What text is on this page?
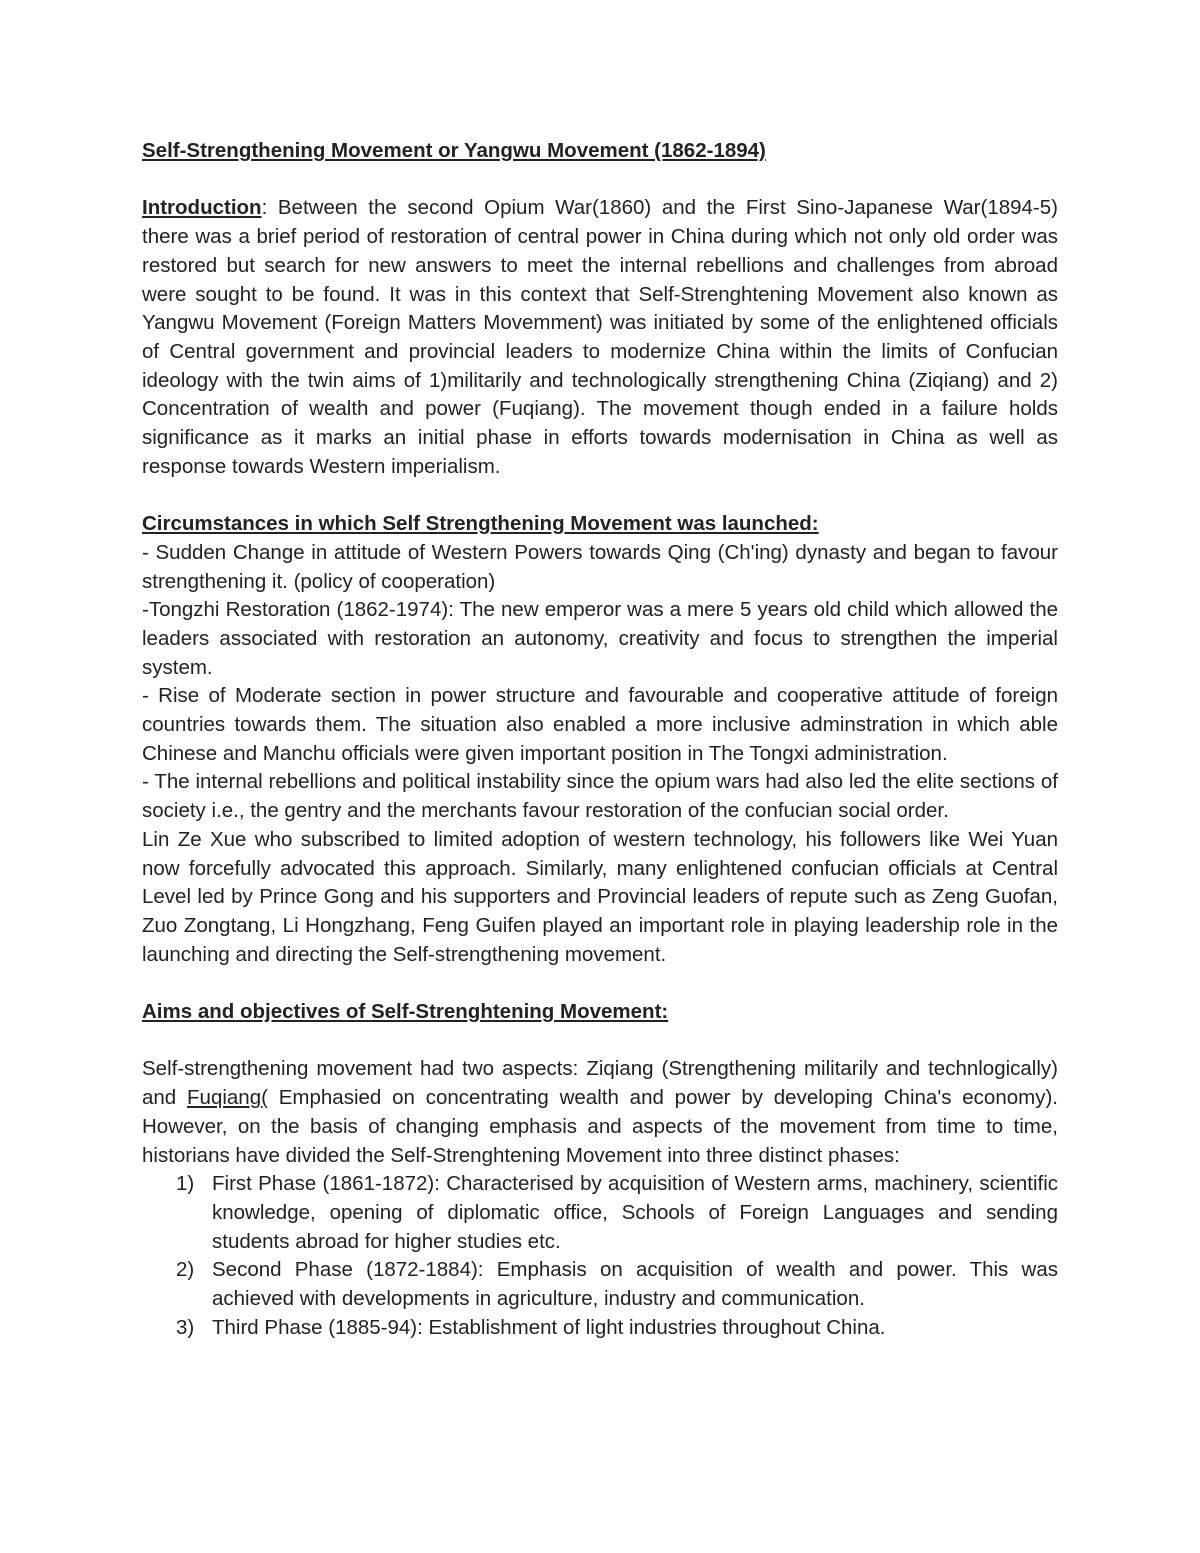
Self-Strengthening Movement or Yangwu Movement (1862-1894)

Introduction: Between the second Opium War(1860) and the First Sino-Japanese War(1894-5) there was a brief period of restoration of central power in China during which not only old order was restored but search for new answers to meet the internal rebellions and challenges from abroad were sought to be found. It was in this context that Self-Strenghtening Movement also known as Yangwu Movement (Foreign Matters Movemment) was initiated by some of the enlightened officials of Central government and provincial leaders to modernize China within the limits of Confucian ideology with the twin aims of 1)militarily and technologically strengthening China (Ziqiang) and 2) Concentration of wealth and power (Fuqiang). The movement though ended in a failure holds significance as it marks an initial phase in efforts towards modernisation in China as well as response towards Western imperialism.

Circumstances in which Self Strengthening Movement was launched:

- Sudden Change in attitude of Western Powers towards Qing (Ch'ing) dynasty and began to favour strengthening it. (policy of cooperation)

-Tongzhi Restoration (1862-1974): The new emperor was a mere 5 years old child which allowed the leaders associated with restoration an autonomy, creativity and focus to strengthen the imperial system.

- Rise of Moderate section in power structure and favourable and cooperative attitude of foreign countries towards them. The situation also enabled a more inclusive adminstration in which able Chinese and Manchu officials were given important position in The Tongxi administration.

- The internal rebellions and political instability since the opium wars had also led the elite sections of society i.e., the gentry and the merchants favour restoration of the confucian social order.

Lin Ze Xue who subscribed to limited adoption of western technology, his followers like Wei Yuan now forcefully advocated this approach. Similarly, many enlightened confucian officials at Central Level led by Prince Gong and his supporters and Provincial leaders of repute such as Zeng Guofan, Zuo Zongtang, Li Hongzhang, Feng Guifen played an important role in playing leadership role in the launching and directing the Self-strengthening movement.

Aims and objectives of Self-Strenghtening Movement:

Self-strengthening movement had two aspects: Ziqiang (Strengthening militarily and technlogically) and Fuqiang( Emphasied on concentrating wealth and power by developing China's economy). However, on the basis of changing emphasis and aspects of the movement from time to time, historians have divided the Self-Strenghtening Movement into three distinct phases:

1) First Phase (1861-1872): Characterised by acquisition of Western arms, machinery, scientific knowledge, opening of diplomatic office, Schools of Foreign Languages and sending students abroad for higher studies etc.
2) Second Phase (1872-1884): Emphasis on acquisition of wealth and power. This was achieved with developments in agriculture, industry and communication.
3) Third Phase (1885-94): Establishment of light industries throughout China.
